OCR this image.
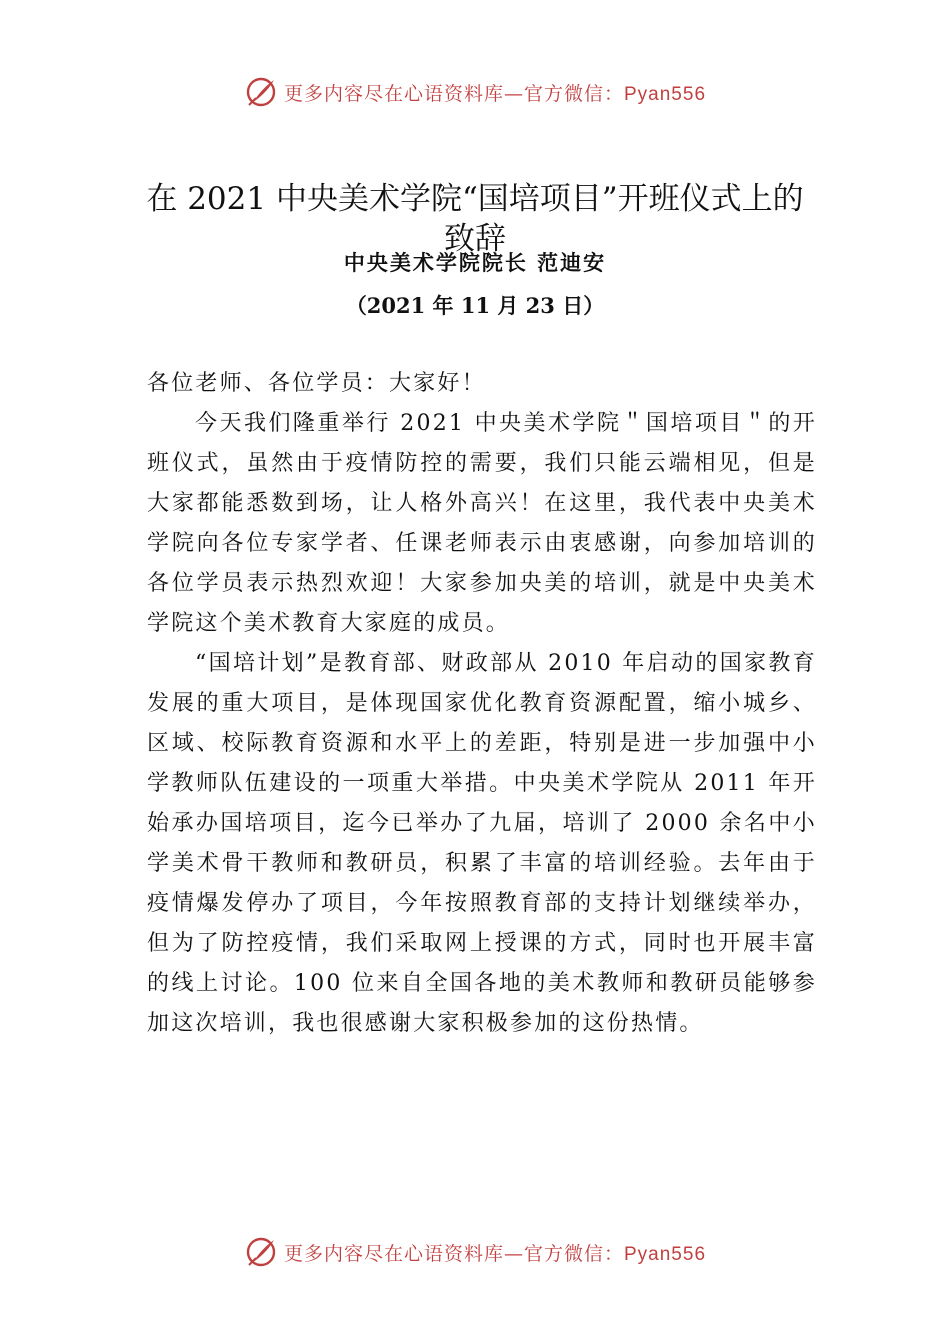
更多内容尽在心语资料库—官方微信：Pyan556
在 2021 中央美术学院“国培项目”开班仪式上的致辞
中央美术学院院长 范迪安
（2021 年 11 月 23 日）

各位老师、各位学员：大家好！

今天我们隆重举行 2021 中央美术学院＂国培项目＂的开班仪式，虽然由于疫情防控的需要，我们只能云端相见，但是大家都能悉数到场，让人格外高兴！在这里，我代表中央美术学院向各位专家学者、任课老师表示由衷感谢，向参加培训的各位学员表示热烈欢迎！大家参加央美的培训，就是中央美术学院这个美术教育大家庭的成员。

“国培计划”是教育部、财政部从 2010 年启动的国家教育发展的重大项目，是体现国家优化教育资源配置，缩小城乡、区域、校际教育资源和水平上的差距，特别是进一步加强中小学教师队伍建设的一项重大举措。中央美术学院从 2011 年开始承办国培项目，迄今已举办了九届，培训了 2000 余名中小学美术骨干教师和教研员，积累了丰富的培训经验。去年由于疫情爆发停办了项目，今年按照教育部的支持计划继续举办，但为了防控疫情，我们采取网上授课的方式，同时也开展丰富的线上讨论。100 位来自全国各地的美术教师和教研员能够参加这次培训，我也很感谢大家积极参加的这份热情。

更多内容尽在心语资料库—官方微信：Pyan556
